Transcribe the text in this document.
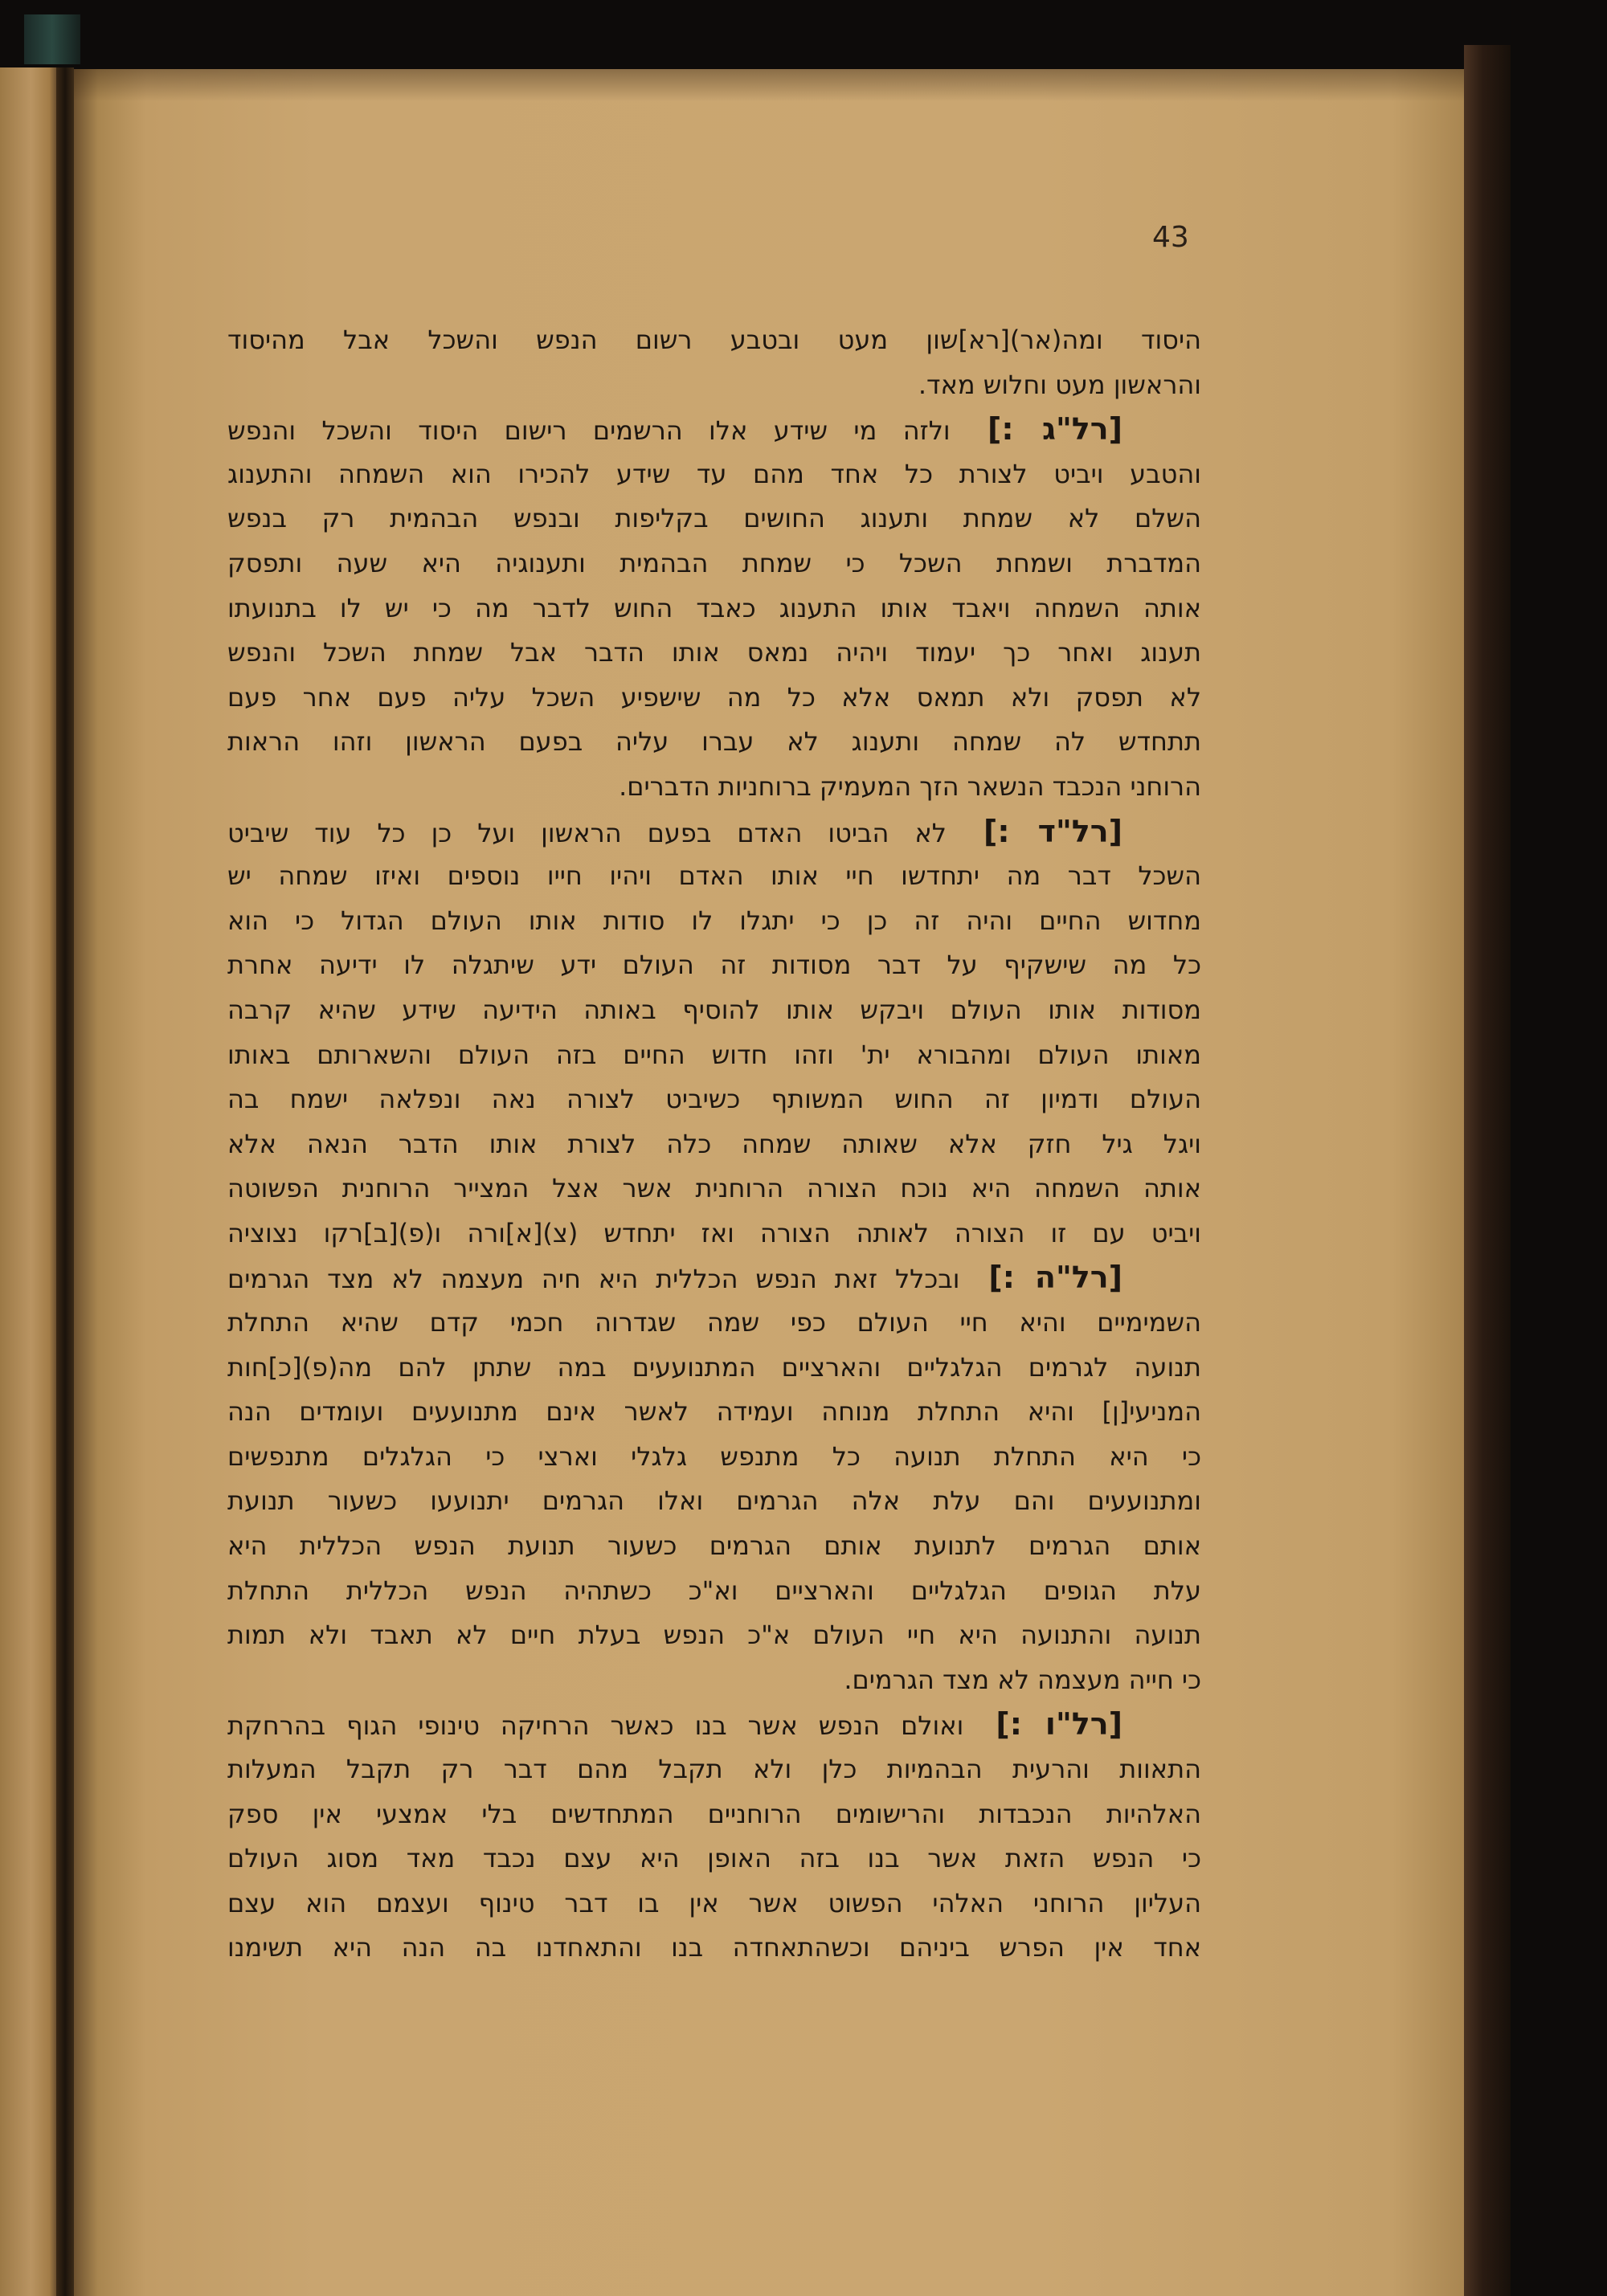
43
היסוד ומה(אר)[רא]שון מעט ובטבע רשום הנפש והשכל אבל מהיסוד
והראשון מעט וחלוש מאד.
[רל"ג :] ולזה מי שידע אלו הרשמים רישום היסוד והשכל והנפש
והטבע ויביט לצורת כל אחד מהם עד שידע להכירו הוא השמחה והתענוג
השלם לא שמחת ותענוג החושים בקליפות ובנפש הבהמית רק בנפש
המדברת ושמחת השכל כי שמחת הבהמית ותענוגיה היא שעה ותפסק
אותה השמחה ויאבד אותו התענוג כאבד החוש לדבר מה כי יש לו בתנועתו
תענוג ואחר כך יעמוד ויהיה נמאס אותו הדבר אבל שמחת השכל והנפש
לא תפסק ולא תמאס אלא כל מה שישפיע השכל עליה פעם אחר פעם
תתחדש לה שמחה ותענוג לא עברו עליה בפעם הראשון וזהו הראות
הרוחני הנכבד הנשאר הזך המעמיק ברוחניות הדברים.
[רל"ד :] לא הביטו האדם בפעם הראשון ועל כן כל עוד שיביט
השכל דבר מה יתחדשו חיי אותו האדם ויהיו חייו נוספים ואיזו שמחה יש
מחדוש החיים והיה זה כן כי יתגלו לו סודות אותו העולם הגדול כי הוא
כל מה שישקיף על דבר מסודות זה העולם ידע שיתגלה לו ידיעה אחרת
מסודות אותו העולם ויבקש אותו להוסיף באותה הידיעה שידע שהיא קרבה
מאותו העולם ומהבורא ית' וזהו חדוש החיים בזה העולם והשארותם באותו
העולם ודמיון זה החוש המשותף כשיביט לצורה נאה ונפלאה ישמח בה
ויגל גיל חזק אלא שאותה שמחה כלה לצורת אותו הדבר הנאה אלא
אותה השמחה היא נוכח הצורה הרוחנית אשר אצל המצייר הרוחנית הפשוטה
ויביט עם זו הצורה לאותה הצורה ואז יתחדש (צ)[א]ורה ו(פ)[ב]רקו נצוציה
[רל"ה :] ובכלל זאת הנפש הכללית היא חיה מעצמה לא מצד הגרמים
השמימיים והיא חיי העולם כפי שמה שגדרוה חכמי קדם שהיא התחלת
תנועה לגרמים הגלגליים והארציים המתנועעים במה שתתן להם מה(פ)[כ]חות
המניעי[ן] והיא התחלת מנוחה ועמידה לאשר אינם מתנועעים ועומדים הנה
כי היא התחלת תנועה כל מתנפש גלגלי וארצי כי הגלגלים מתנפשים
ומתנועעים והם עלת אלה הגרמים ואלו הגרמים יתנועעו כשעור תנועת
אותם הגרמים לתנועת אותם הגרמים כשעור תנועת הנפש הכללית היא
עלת הגופים הגלגליים והארציים וא"כ כשתהיה הנפש הכללית התחלת
תנועה והתנועה היא חיי העולם א"כ הנפש בעלת חיים לא תאבד ולא תמות
כי חייה מעצמה לא מצד הגרמים.
[רל"ו :] ואולם הנפש אשר בנו כאשר הרחיקה טינופי הגוף בהרחקת
התאוות והרעית הבהמיות כלן ולא תקבל מהם דבר רק תקבל המעלות
האלהיות הנכבדות והרישומים הרוחניים המתחדשים בלי אמצעי אין ספק
כי הנפש הזאת אשר בנו בזה האופן היא עצם נכבד מאד מסוג העולם
העליון הרוחני האלהי הפשוט אשר אין בו דבר טינוף ועצמם הוא עצם
אחד אין הפרש ביניהם וכשהתאחדה בנו והתאחדנו בה הנה היא תשימנו
